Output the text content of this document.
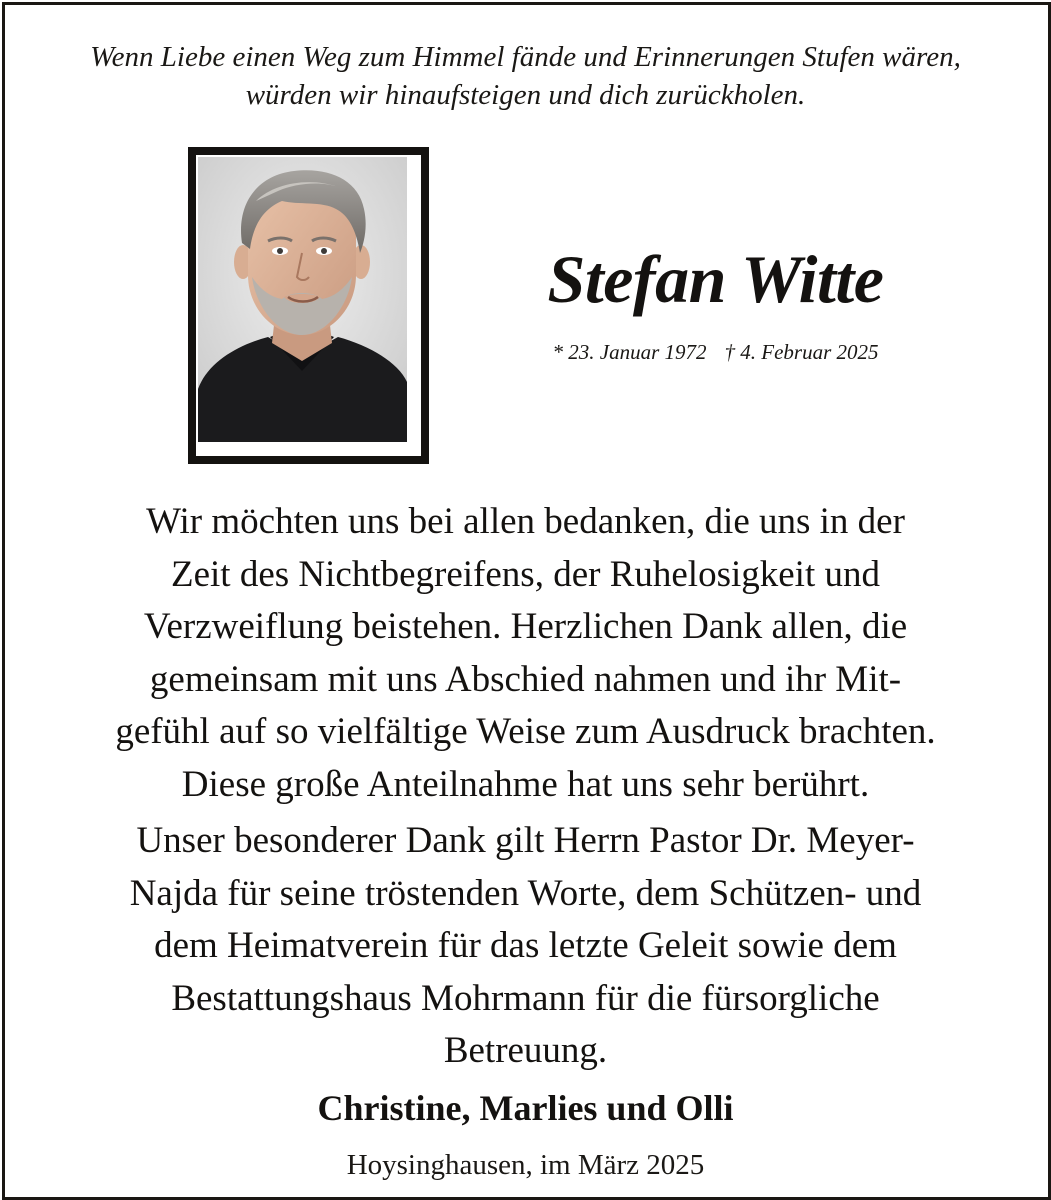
Wenn Liebe einen Weg zum Himmel fände und Erinnerungen Stufen wären,
würden wir hinaufsteigen und dich zurückholen.
Stefan Witte
* 23. Januar 1972 † 4. Februar 2025
Wir möchten uns bei allen bedanken, die uns in der
Zeit des Nichtbegreifens, der Ruhelosigkeit und
Verzweiflung beistehen. Herzlichen Dank allen, die
gemeinsam mit uns Abschied nahmen und ihr Mit-
gefühl auf so vielfältige Weise zum Ausdruck brachten.
Diese große Anteilnahme hat uns sehr berührt.
Unser besonderer Dank gilt Herrn Pastor Dr. Meyer-
Najda für seine tröstenden Worte, dem Schützen- und
dem Heimatverein für das letzte Geleit sowie dem
Bestattungshaus Mohrmann für die fürsorgliche
Betreuung.
Christine, Marlies und Olli
Hoysinghausen, im März 2025
